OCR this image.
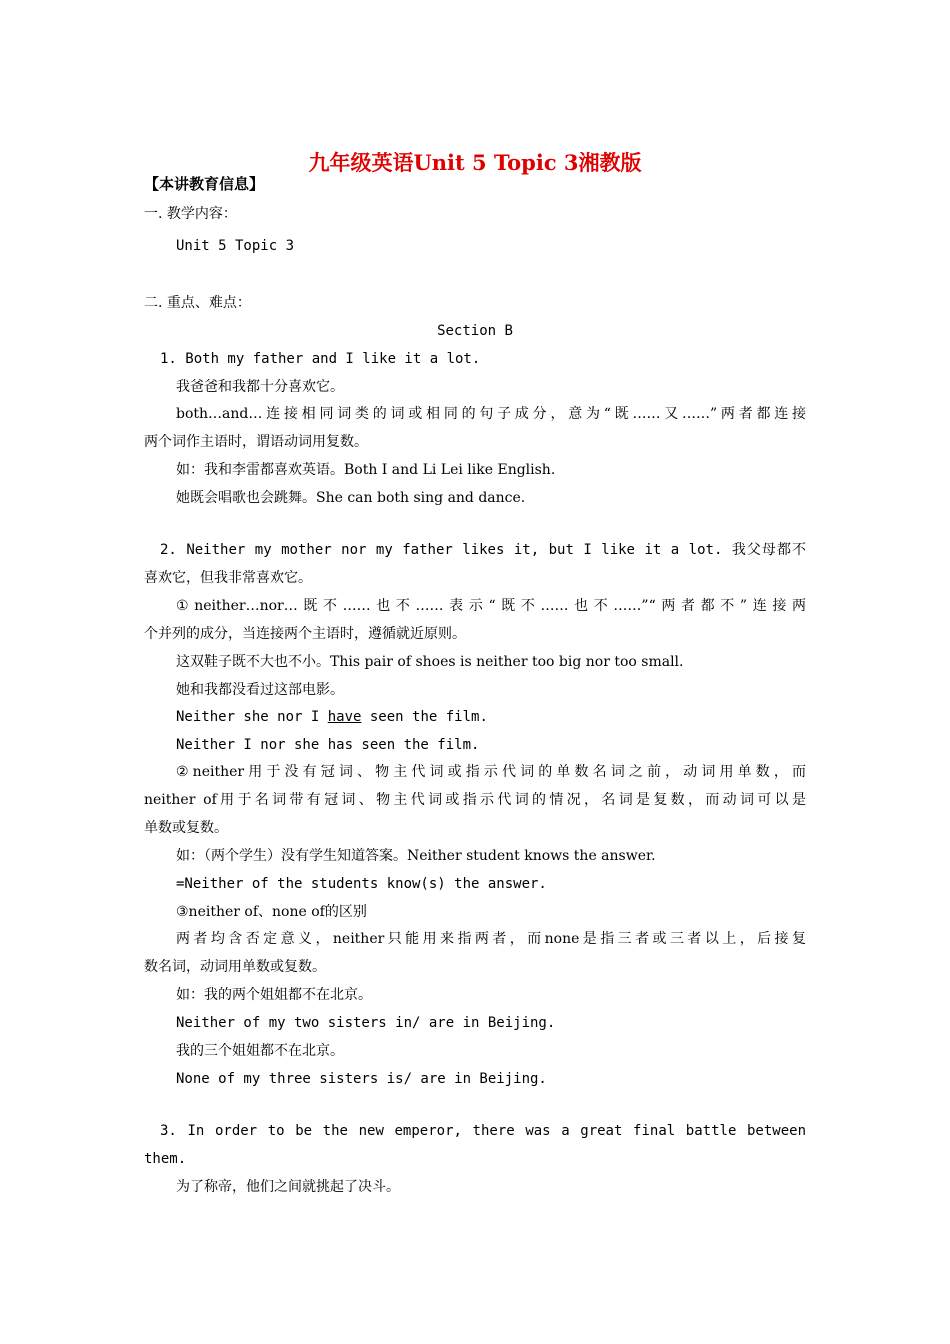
九年级英语Unit 5 Topic 3湘教版
【本讲教育信息】
一. 教学内容：
Unit 5 Topic 3
二. 重点、难点：
Section B
1. Both my father and I like it a lot.
我爸爸和我都十分喜欢它。
both…and…连接相同词类的词或相同的句子成分，意为“既……又……”两者都连接
两个词作主语时，谓语动词用复数。
如：我和李雷都喜欢英语。Both I and Li Lei like English.
她既会唱歌也会跳舞。She can both sing and dance.
2. Neither my mother nor my father likes it, but I like it a lot. 我父母都不
喜欢它，但我非常喜欢它。
①neither…nor…既不……也不……表示“既不……也不……”“两者都不”连接两
个并列的成分，当连接两个主语时，遵循就近原则。
这双鞋子既不大也不小。This pair of shoes is neither too big nor too small.
她和我都没看过这部电影。
Neither she nor I have seen the film.
Neither I nor she has seen the film.
②neither用于没有冠词、物主代词或指示代词的单数名词之前，动词用单数，而
neither of用于名词带有冠词、物主代词或指示代词的情况，名词是复数，而动词可以是
单数或复数。
如：（两个学生）没有学生知道答案。Neither student knows the answer.
=Neither of the students know(s) the answer.
③neither of、none of的区别
两者均含否定意义，neither只能用来指两者，而none是指三者或三者以上，后接复
数名词，动词用单数或复数。
如：我的两个姐姐都不在北京。
Neither of my two sisters in/ are in Beijing.
我的三个姐姐都不在北京。
None of my three sisters is/ are in Beijing.
3. In order to be the new emperor, there was a great final battle between
them.
为了称帝，他们之间就挑起了决斗。
